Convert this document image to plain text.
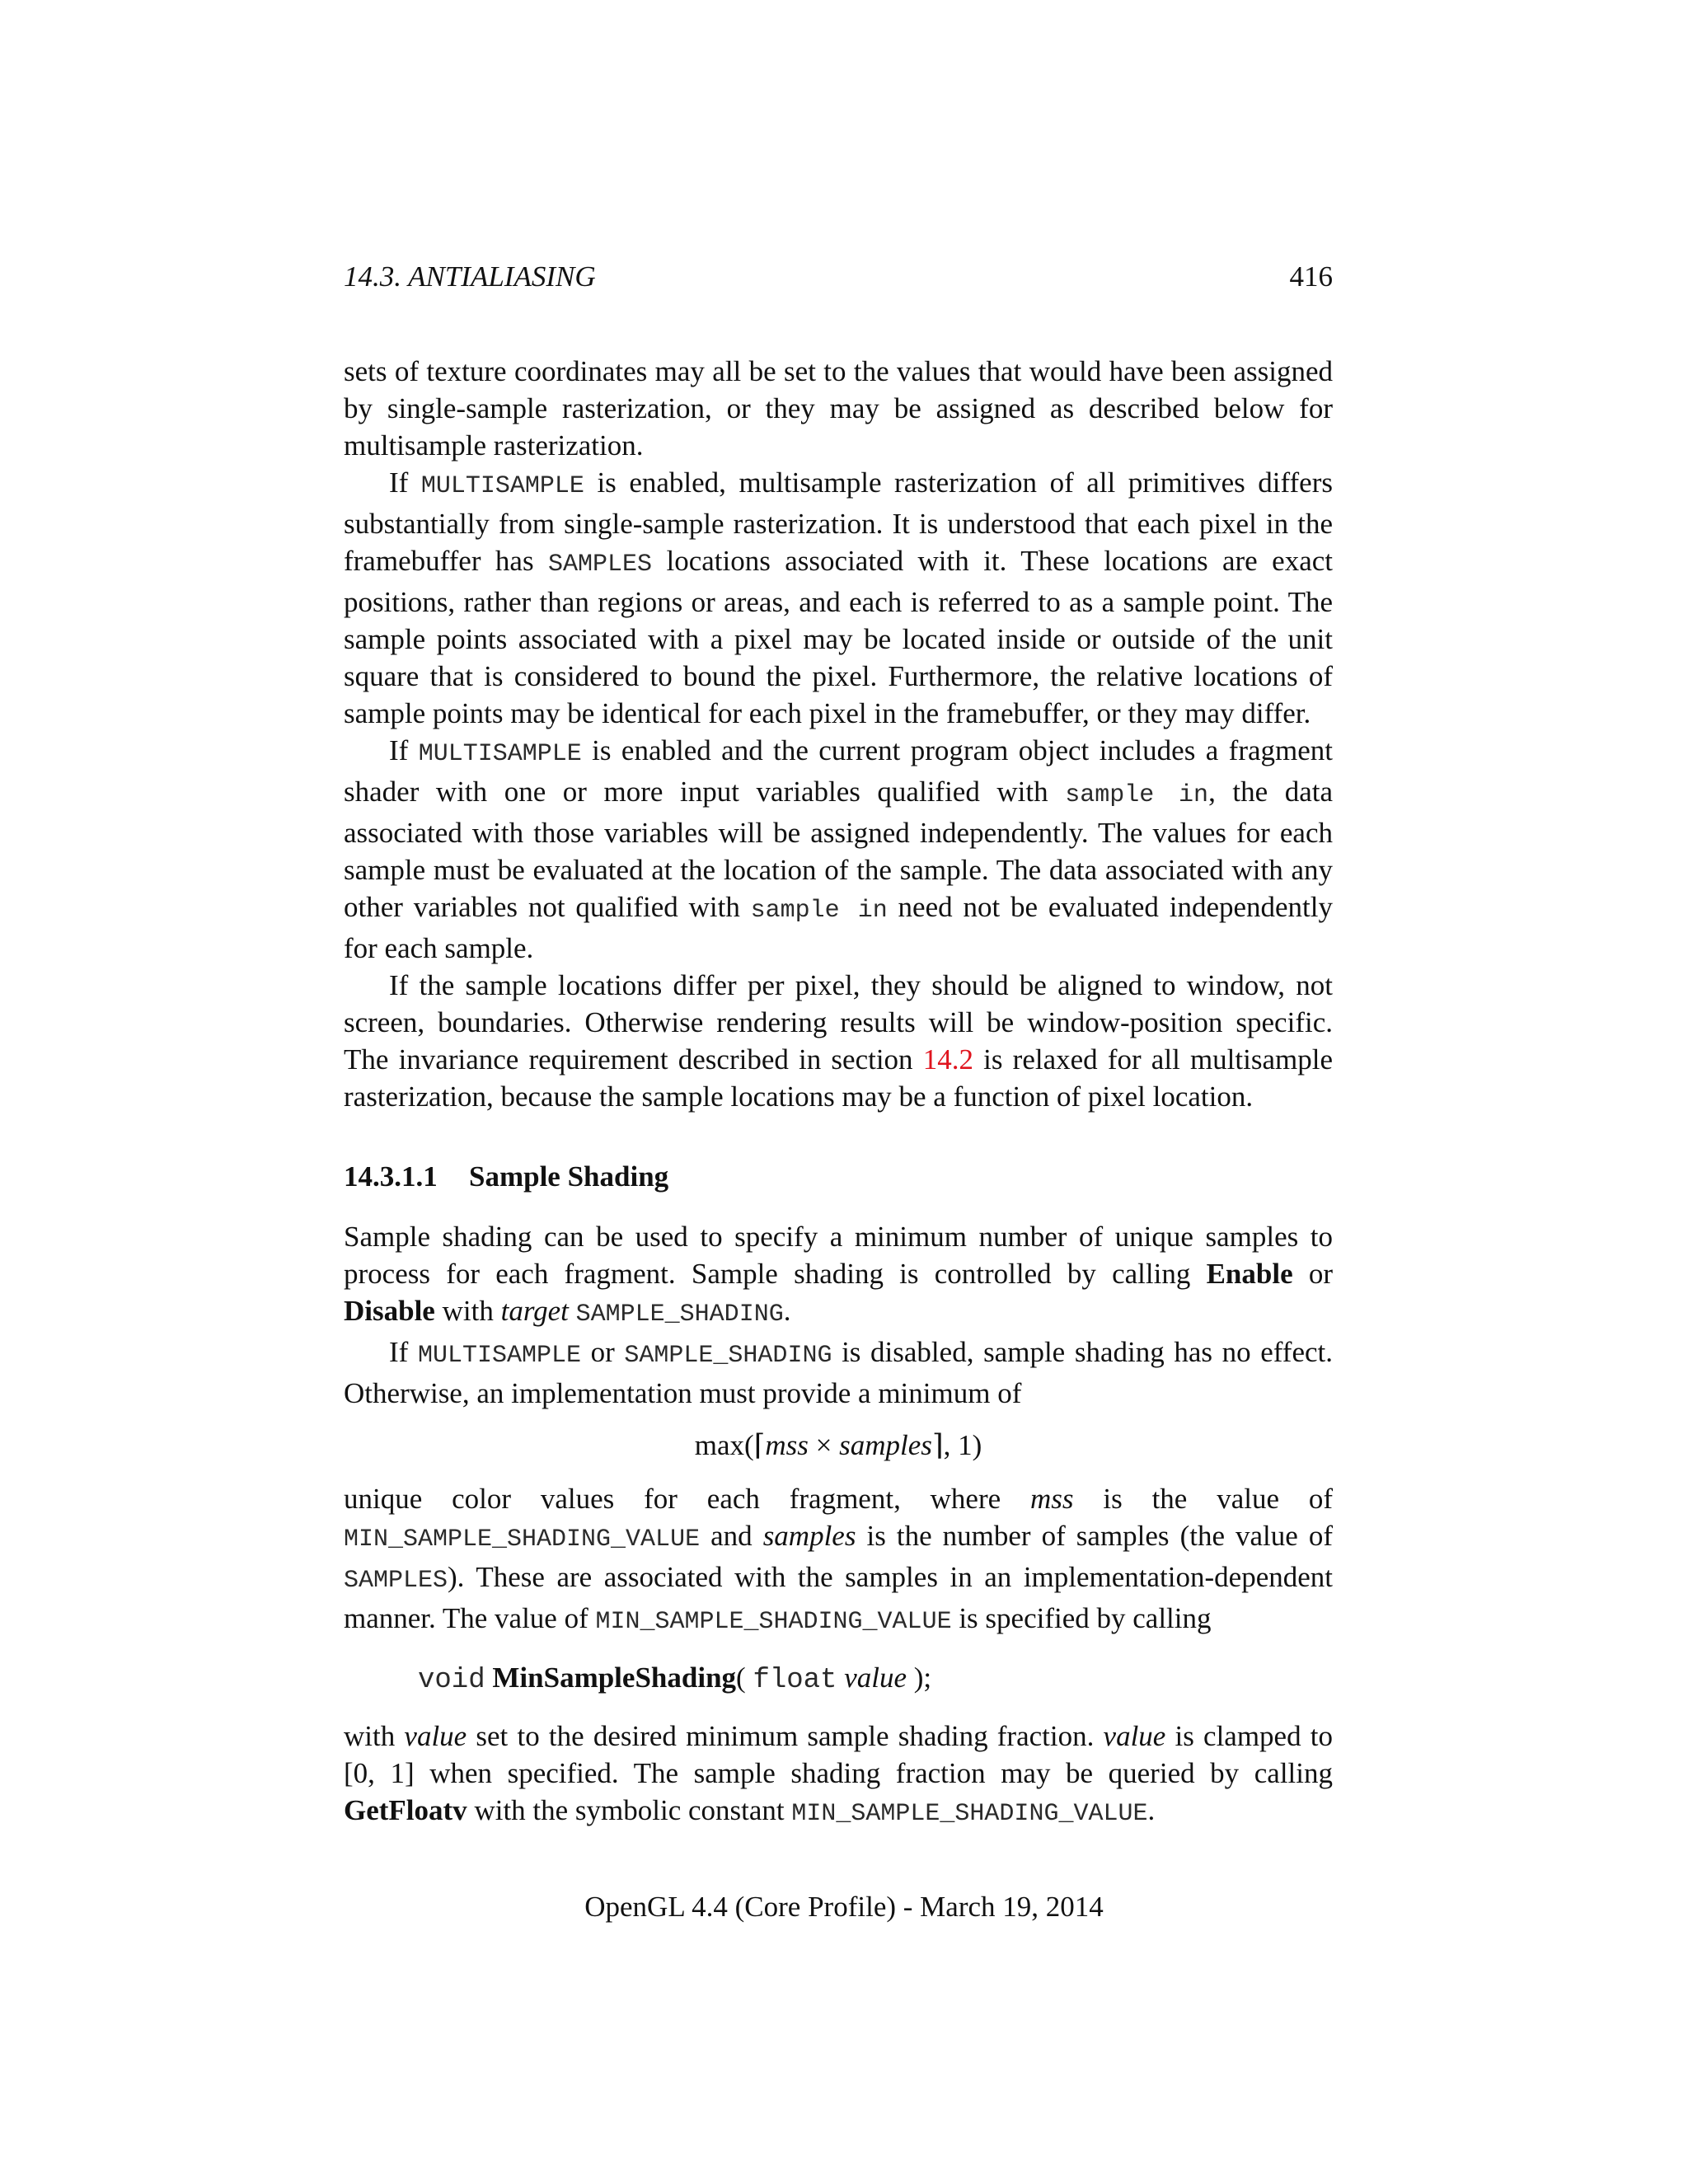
14.3. ANTIALIASING	416

sets of texture coordinates may all be set to the values that would have been assigned by single-sample rasterization, or they may be assigned as described below for multisample rasterization.

If MULTISAMPLE is enabled, multisample rasterization of all primitives differs substantially from single-sample rasterization. It is understood that each pixel in the framebuffer has SAMPLES locations associated with it. These locations are exact positions, rather than regions or areas, and each is referred to as a sample point. The sample points associated with a pixel may be located inside or outside of the unit square that is considered to bound the pixel. Furthermore, the relative locations of sample points may be identical for each pixel in the framebuffer, or they may differ.

If MULTISAMPLE is enabled and the current program object includes a fragment shader with one or more input variables qualified with sample in, the data associated with those variables will be assigned independently. The values for each sample must be evaluated at the location of the sample. The data associated with any other variables not qualified with sample in need not be evaluated independently for each sample.

If the sample locations differ per pixel, they should be aligned to window, not screen, boundaries. Otherwise rendering results will be window-position specific. The invariance requirement described in section 14.2 is relaxed for all multisample rasterization, because the sample locations may be a function of pixel location.

14.3.1.1 Sample Shading

Sample shading can be used to specify a minimum number of unique samples to process for each fragment. Sample shading is controlled by calling Enable or Disable with target SAMPLE_SHADING.

If MULTISAMPLE or SAMPLE_SHADING is disabled, sample shading has no effect. Otherwise, an implementation must provide a minimum of

max(⌈mss × samples⌉, 1)

unique color values for each fragment, where mss is the value of MIN_SAMPLE_SHADING_VALUE and samples is the number of samples (the value of SAMPLES). These are associated with the samples in an implementation-dependent manner. The value of MIN_SAMPLE_SHADING_VALUE is specified by calling

void MinSampleShading( float value );

with value set to the desired minimum sample shading fraction. value is clamped to [0, 1] when specified. The sample shading fraction may be queried by calling GetFloatv with the symbolic constant MIN_SAMPLE_SHADING_VALUE.

OpenGL 4.4 (Core Profile) - March 19, 2014
